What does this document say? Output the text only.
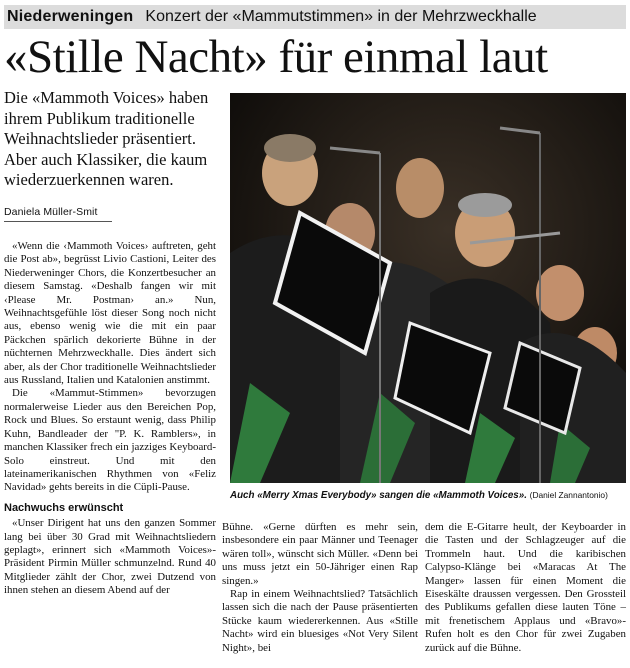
Niederweningen Konzert der «Mammutstimmen» in der Mehrzweckhalle
«Stille Nacht» für einmal laut
Die «Mammoth Voices» haben ihrem Publikum traditionelle Weihnachtslieder präsentiert. Aber auch Klassiker, die kaum wiederzuerkennen waren.
Daniela Müller-Smit

«Wenn die ‹Mammoth Voices› auftreten, geht die Post ab», begrüsst Livio Castioni, Leiter des Niederweninger Chors, die Konzertbesucher an diesem Samstag. «Deshalb fangen wir mit ‹Please Mr. Postman› an.» Nun, Weihnachtsgefühle löst dieser Song noch nicht aus, ebenso wenig wie die mit ein paar Päckchen spärlich dekorierte Bühne in der nüchternen Mehrzweckhalle. Dies ändert sich aber, als der Chor traditionelle Weihnachtslieder aus Russland, Italien und Katalonien anstimmt.

Die «Mammut-Stimmen» bevorzugen normalerweise Lieder aus den Bereichen Pop, Rock und Blues. So erstaunt wenig, dass Philip Kuhn, Bandleader der "P. K. Ramblers», in manchen Klassiker frech ein jazziges Keyboard-Solo einstreut. Und mit den lateinamerikanischen Rhythmen von «Feliz Navidad» gehts bereits in die Cüpli-Pause.

Nachwuchs erwünscht

«Unser Dirigent hat uns den ganzen Sommer lang bei über 30 Grad mit Weihnachtsliedern geplagt», erinnert sich «Mammoth Voices»-Präsident Pirmin Müller schmunzelnd. Rund 40 Mitglieder zählt der Chor, zwei Dutzend von ihnen stehen an diesem Abend auf der

Auch «Merry Xmas Everybody» sangen die «Mammoth Voices». (Daniel Zannantonio)

Bühne. «Gerne dürften es mehr sein, insbesondere ein paar Männer und Teenager wären toll», wünscht sich Müller. «Denn bei uns muss jetzt ein 50-Jähriger einen Rap singen.»

Rap in einem Weihnachtslied? Tatsächlich lassen sich die nach der Pause präsentierten Stücke kaum wiedererkennen. Aus «Stille Nacht» wird ein bluesiges «Not Very Silent Night», bei

dem die E-Gitarre heult, der Keyboarder in die Tasten und der Schlagzeuger auf die Trommeln haut. Und die karibischen Calypso-Klänge bei «Maracas At The Manger» lassen für einen Moment die Eiseskälte draussen vergessen. Den Grossteil des Publikums gefallen diese lauten Töne – mit frenetischem Applaus und «Bravo»-Rufen holt es den Chor für zwei Zugaben zurück auf die Bühne.
